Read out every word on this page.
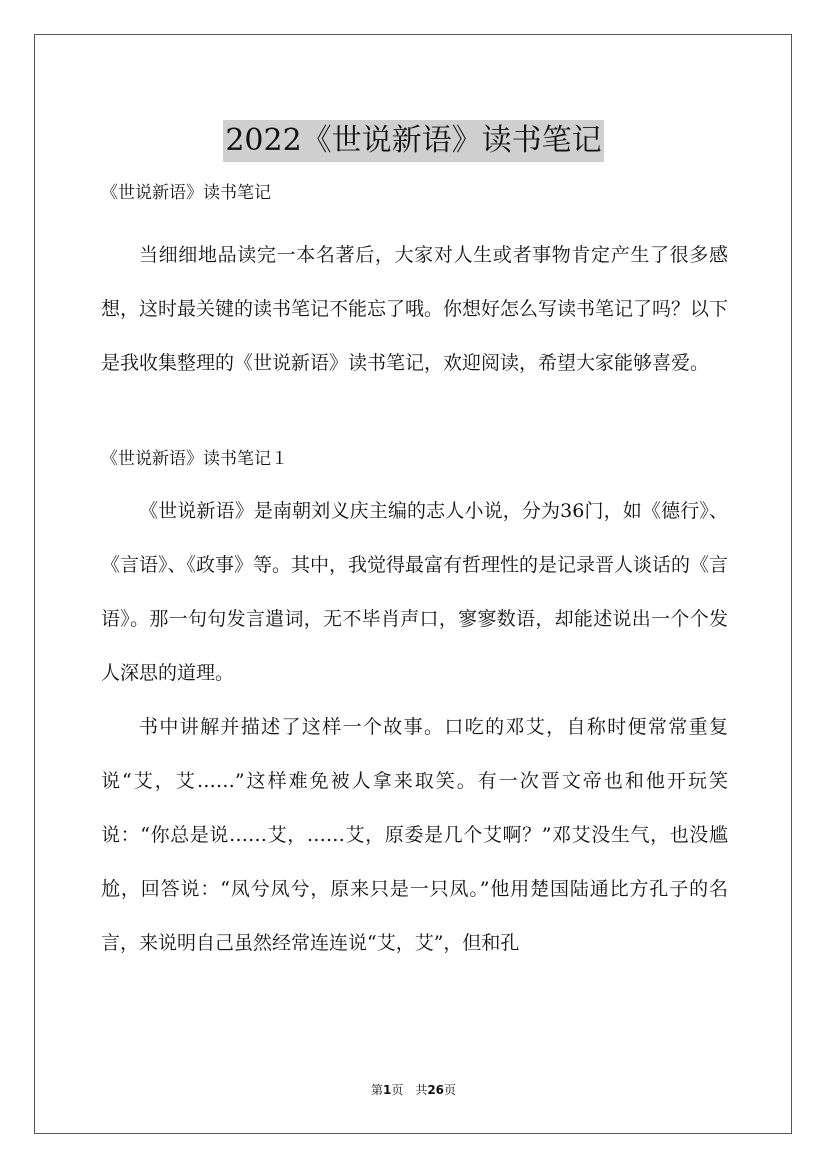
2022《世说新语》读书笔记

《世说新语》读书笔记

当细细地品读完一本名著后，大家对人生或者事物肯定产生了很多感想，这时最关键的读书笔记不能忘了哦。你想好怎么写读书笔记了吗？以下是我收集整理的《世说新语》读书笔记，欢迎阅读，希望大家能够喜爱。

《世说新语》读书笔记１

《世说新语》是南朝刘义庆主编的志人小说，分为36门，如《德行》、《言语》、《政事》等。其中，我觉得最富有哲理性的是记录晋人谈话的《言语》。那一句句发言遣词，无不毕肖声口，寥寥数语，却能述说出一个个发人深思的道理。

书中讲解并描述了这样一个故事。口吃的邓艾，自称时便常常重复说“艾，艾……”这样难免被人拿来取笑。有一次晋文帝也和他开玩笑说：“你总是说……艾，……艾，原委是几个艾啊？”邓艾没生气，也没尴尬，回答说：“凤兮凤兮，原来只是一只凤。”他用楚国陆通比方孔子的名言，来说明自己虽然经常连连说“艾，艾”，但和孔

第1页　共26页
